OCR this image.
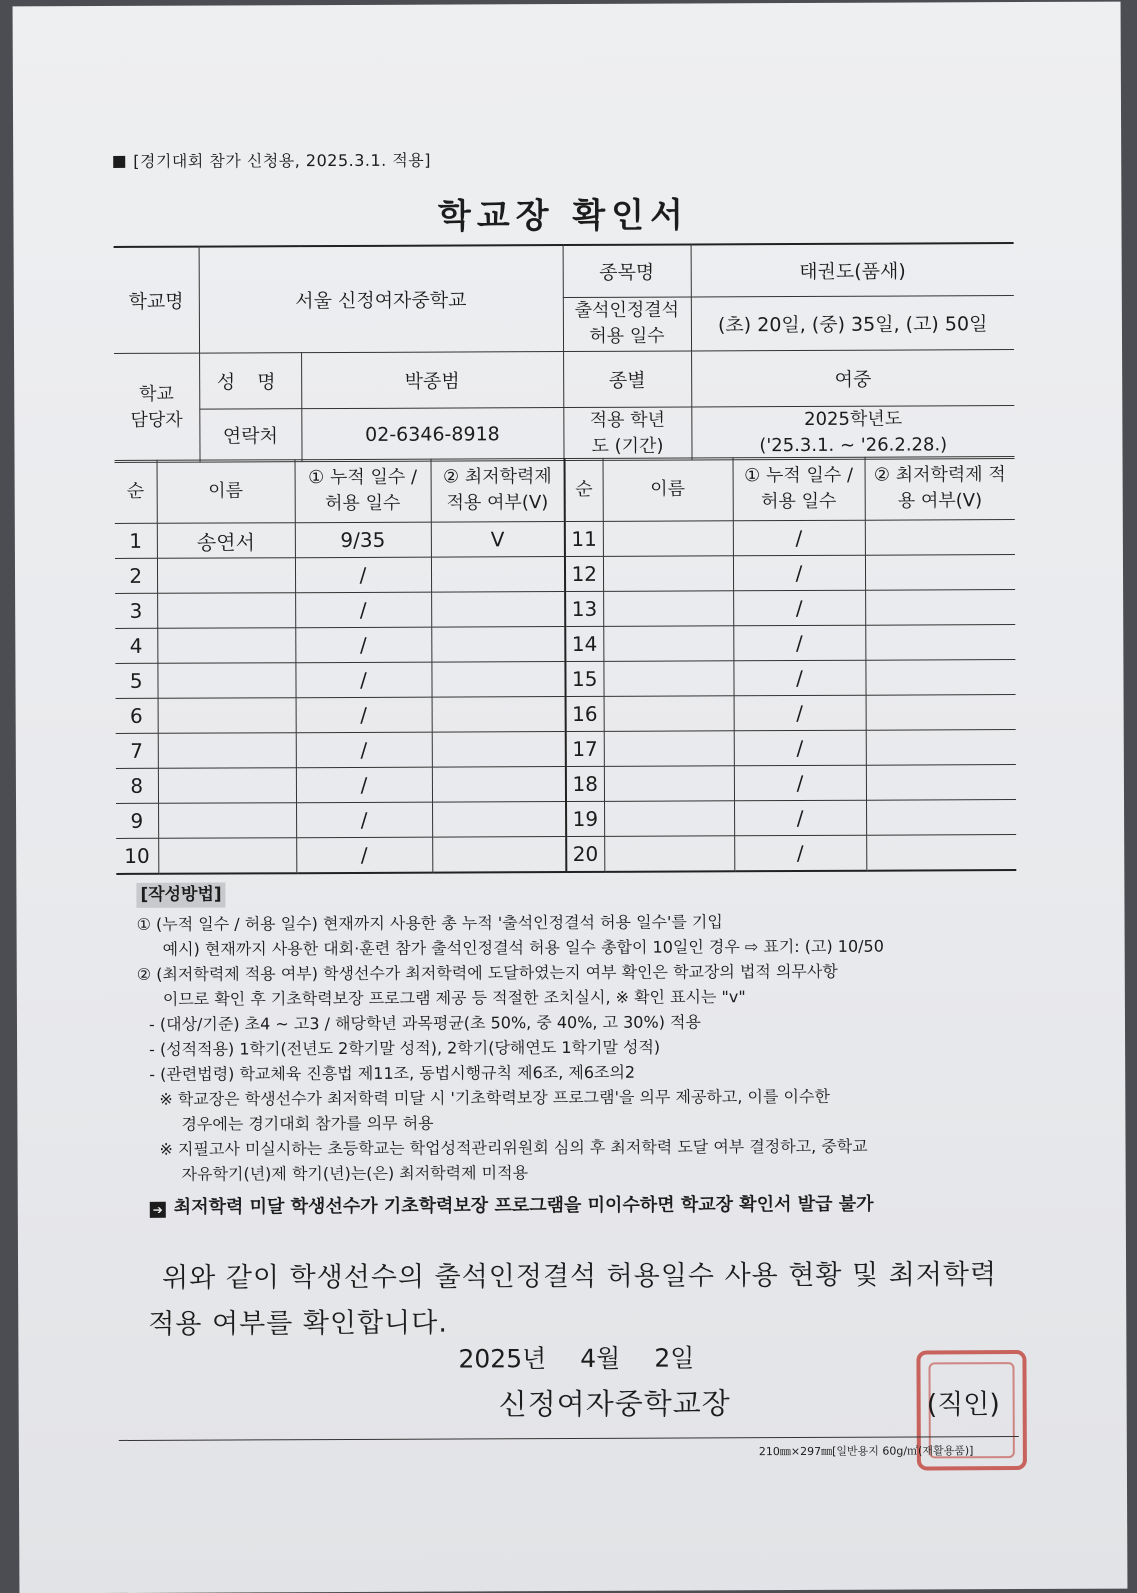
[경기대회 참가 신청용, 2025.3.1. 적용]
학교장 확인서
학교명	서울 신정여자중학교		종목명	태권도(품새)
			출석인정결석 허용 일수	(초) 20일, (중) 35일, (고) 50일
학교 담당자	성 명	박종범	종별	여중
	연락처	02-6346-8918	적용 학년도 (기간)	2025학년도
('25.3.1. ~ '26.2.28.)
순	이름	① 누적 일수 / 허용 일수	② 최저학력제 적용 여부(V)	순	이름	① 누적 일수 / 허용 일수	② 최저학력제 적용 여부(V)
1	송연서	9/35	V	11		/	
2		/		12		/	
3		/		13		/	
4		/		14		/	
5		/		15		/	
6		/		16		/	
7		/		17		/	
8		/		18		/	
9		/		19		/	
10		/		20		/	
[작성방법]

① (누적 일수 / 허용 일수) 현재까지 사용한 총 누적 '출석인정결석 허용 일수'를 기입

예시) 현재까지 사용한 대회·훈련 참가 출석인정결석 허용 일수 총합이 10일인 경우 ⇨ 표기: (고) 10/50

② (최저학력제 적용 여부) 학생선수가 최저학력에 도달하였는지 여부 확인은 학교장의 법적 의무사항

이므로 확인 후 기초학력보장 프로그램 제공 등 적절한 조치실시, ※ 확인 표시는 "v"

- (대상/기준) 초4 ~ 고3 / 해당학년 과목평균(초 50%, 중 40%, 고 30%) 적용

- (성적적용) 1학기(전년도 2학기말 성적), 2학기(당해연도 1학기말 성적)

- (관련법령) 학교체육 진흥법 제11조, 동법시행규칙 제6조, 제6조의2

※ 학교장은 학생선수가 최저학력 미달 시 '기초학력보장 프로그램'을 의무 제공하고, 이를 이수한

경우에는 경기대회 참가를 의무 허용

※ 지필고사 미실시하는 초등학교는 학업성적관리위원회 심의 후 최저학력 도달 여부 결정하고, 중학교

자유학기(년)제 학기(년)는(은) 최저학력제 미적용

➔ 최저학력 미달 학생선수가 기초학력보장 프로그램을 미이수하면 학교장 확인서 발급 불가

위와 같이 학생선수의 출석인정결석 허용일수 사용 현황 및 최저학력
적용 여부를 확인합니다.
2025년 4월 2일
신정여자중학교장	(직인)
210㎜×297㎜[일반용지 60g/㎡(재활용품)]
